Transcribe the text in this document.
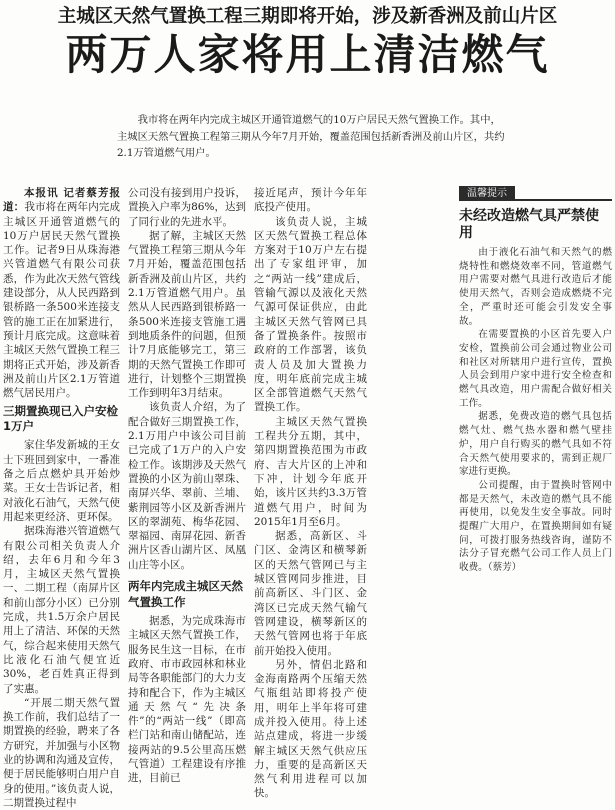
主城区天然气置换工程三期即将开始，涉及新香洲及前山片区
两万人家将用上清洁燃气

我市将在两年内完成主城区开通管道燃气的10万户居民天然气置换工作。其中，主城区天然气置换工程第三期从今年7月开始，覆盖范围包括新香洲及前山片区，共约2.1万管道燃气用户。

本报讯 记者蔡芳报道：我市将在两年内完成主城区开通管道燃气的10万户居民天然气置换工作。记者9日从珠海港兴管道燃气有限公司获悉，作为此次天然气管线建设部分，从人民西路到银桥路一条500米连接支管的施工正在加紧进行，预计月底完成。这意味着主城区天然气置换工程三期将正式开始，涉及新香洲及前山片区2.1万管道燃气居民用户。

三期置换现已入户安检1万户

家住华发新城的王女士下班回到家中，一番准备之后点燃炉具开始炒菜。王女士告诉记者，相对液化石油气，天然气使用起来更经济、更环保。

据珠海港兴管道燃气有限公司相关负责人介绍，去年6月和今年3月，主城区天然气置换一、二期工程（南屏片区和前山部分小区）已分别完成，共1.5万余户居民用上了清洁、环保的天然气，综合起来使用天然气比液化石油气便宜近30%，老百姓真正得到了实惠。

“开展二期天然气置换工作前，我们总结了一期置换的经验，聘来了各方研究，并加强与小区物业的协调和沟通及宣传，便于居民能够明白用户自身的使用。”该负责人说，二期置换过程中

公司没有接到用户投诉，置换入户率为86%，达到了同行业的先进水平。

据了解，主城区天然气置换工程第三期从今年7月开始，覆盖范围包括新香洲及前山片区，共约2.1万管道燃气用户。虽然从人民西路到银桥路一条500米连接支管施工遇到地质条件的问题，但预计7月底能够完工，第三期的天然气置换工作即可进行，计划整个三期置换工作到明年3月结束。

该负责人介绍，为了配合做好三期置换工作，2.1万用户中该公司目前已完成了1万户的入户安检工作。该期涉及天然气置换的小区为前山翠珠、南屏兴华、翠前、兰埔、紫荆园等小区及新香洲片区的翠湖苑、梅华花园、翠福园、南屏花园、新香洲片区香山湖片区、凤凰山庄等小区。

两年内完成主城区天然气置换工作

据悉，为完成珠海市主城区天然气置换工作，服务民生这一目标，在市政府、市市政园林和林业局等各职能部门的大力支持和配合下，作为主城区通天然气“先决条件”的“两站一线”（即高栏门站和南山储配站，连接两站的9.5公里高压燃气管道）工程建设有序推进，目前已

接近尾声，预计今年年底投产使用。

该负责人说，主城区天然气置换工程总体方案对于10万户左右提出了专家组评审，加之“两站一线”建成后，管输气源以及液化天然气源可保证供应，由此主城区天然气管网已具备了置换条件。按照市政府的工作部署，该负责人员及加大置换力度，明年底前完成主城区全部管道燃气天然气置换工作。

主城区天然气置换工程共分五期，其中，第四期置换范围为市政府、吉大片区的上冲和下冲，计划今年底开始，该片区共约3.3万管道燃气用户，时间为2015年1月至6月。

据悉，高新区、斗门区、金湾区和横琴新区的天然气管网已与主城区管网同步推进，目前高新区、斗门区、金湾区已完成天然气输气管网建设，横琴新区的天然气管网也将于年底前开始投入使用。

另外，情侣北路和金海南路两个压缩天然气瓶组站即将投产使用，明年上半年将可建成并投入使用。待上述站点建成，将进一步缓解主城区天然气供应压力，重要的是高新区天然气利用进程可以加快。

温馨提示
未经改造燃气具严禁使用

由于液化石油气和天然气的燃烧特性和燃烧效率不同，管道燃气用户需要对燃气具进行改造后才能使用天然气，否则会造成燃烧不完全，严重时还可能会引发安全事故。

在需要置换的小区首先要入户安检，置换前公司会通过物业公司和社区对所辖用户进行宣传，置换人员会到用户家中进行安全检查和燃气具改造，用户需配合做好相关工作。

据悉，免费改造的燃气具包括燃气灶、燃气热水器和燃气壁挂炉，用户自行购买的燃气具如不符合天然气使用要求的，需到正规厂家进行更换。

公司提醒，由于置换时管网中都是天然气，未改造的燃气具不能再使用，以免发生安全事故。同时提醒广大用户，在置换期间如有疑问，可拨打服务热线咨询，谨防不法分子冒充燃气公司工作人员上门收费。（蔡芳）
